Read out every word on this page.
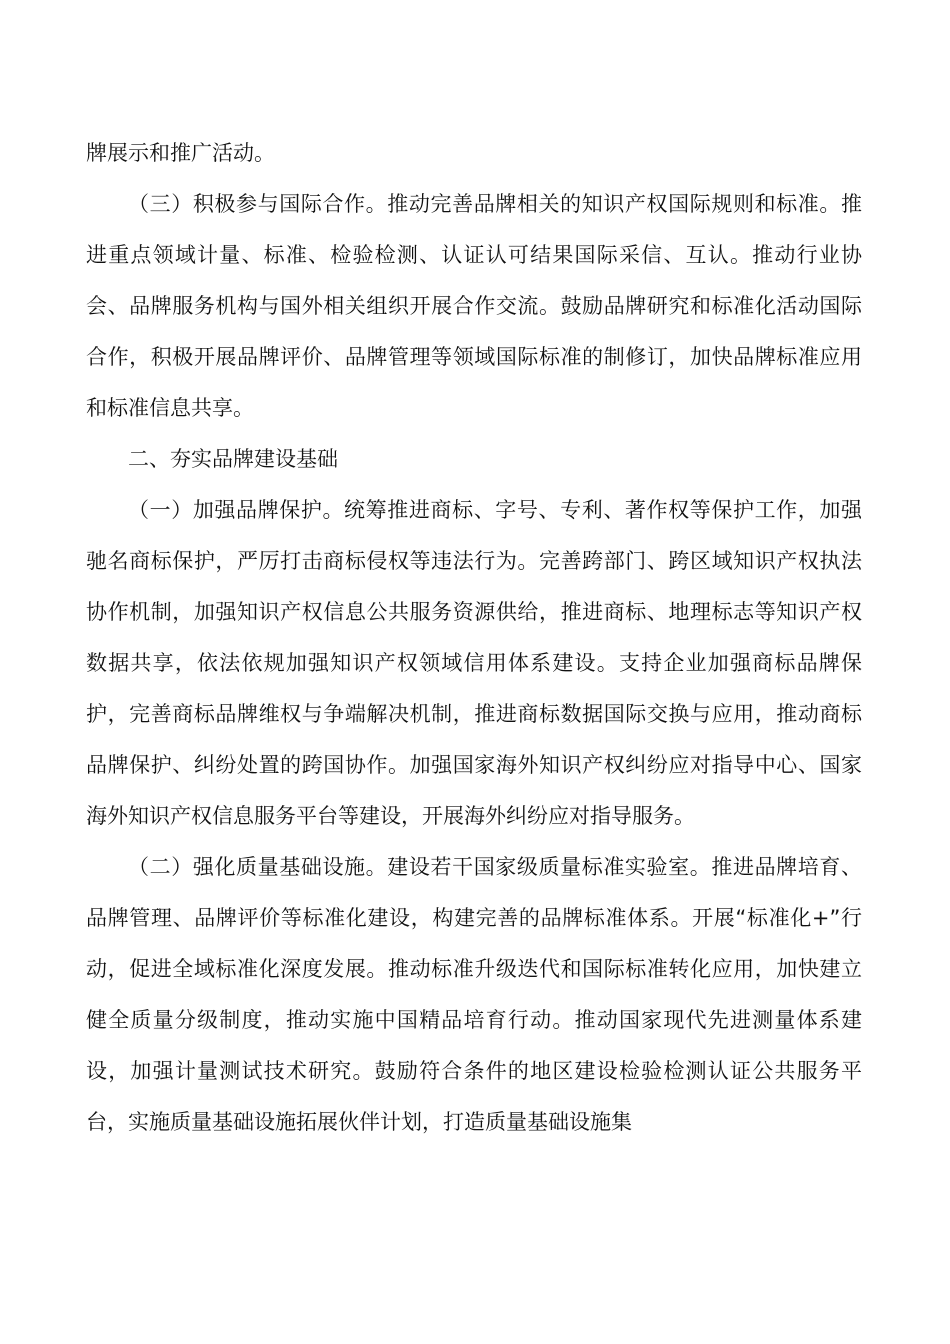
牌展示和推广活动。

（三）积极参与国际合作。推动完善品牌相关的知识产权国际规则和标准。推进重点领域计量、标准、检验检测、认证认可结果国际采信、互认。推动行业协会、品牌服务机构与国外相关组织开展合作交流。鼓励品牌研究和标准化活动国际合作，积极开展品牌评价、品牌管理等领域国际标准的制修订，加快品牌标准应用和标准信息共享。

二、夯实品牌建设基础

（一）加强品牌保护。统筹推进商标、字号、专利、著作权等保护工作，加强驰名商标保护，严厉打击商标侵权等违法行为。完善跨部门、跨区域知识产权执法协作机制，加强知识产权信息公共服务资源供给，推进商标、地理标志等知识产权数据共享，依法依规加强知识产权领域信用体系建设。支持企业加强商标品牌保护，完善商标品牌维权与争端解决机制，推进商标数据国际交换与应用，推动商标品牌保护、纠纷处置的跨国协作。加强国家海外知识产权纠纷应对指导中心、国家海外知识产权信息服务平台等建设，开展海外纠纷应对指导服务。

（二）强化质量基础设施。建设若干国家级质量标准实验室。推进品牌培育、品牌管理、品牌评价等标准化建设，构建完善的品牌标准体系。开展“标准化+”行动，促进全域标准化深度发展。推动标准升级迭代和国际标准转化应用，加快建立健全质量分级制度，推动实施中国精品培育行动。推动国家现代先进测量体系建设，加强计量测试技术研究。鼓励符合条件的地区建设检验检测认证公共服务平台，实施质量基础设施拓展伙伴计划，打造质量基础设施集
